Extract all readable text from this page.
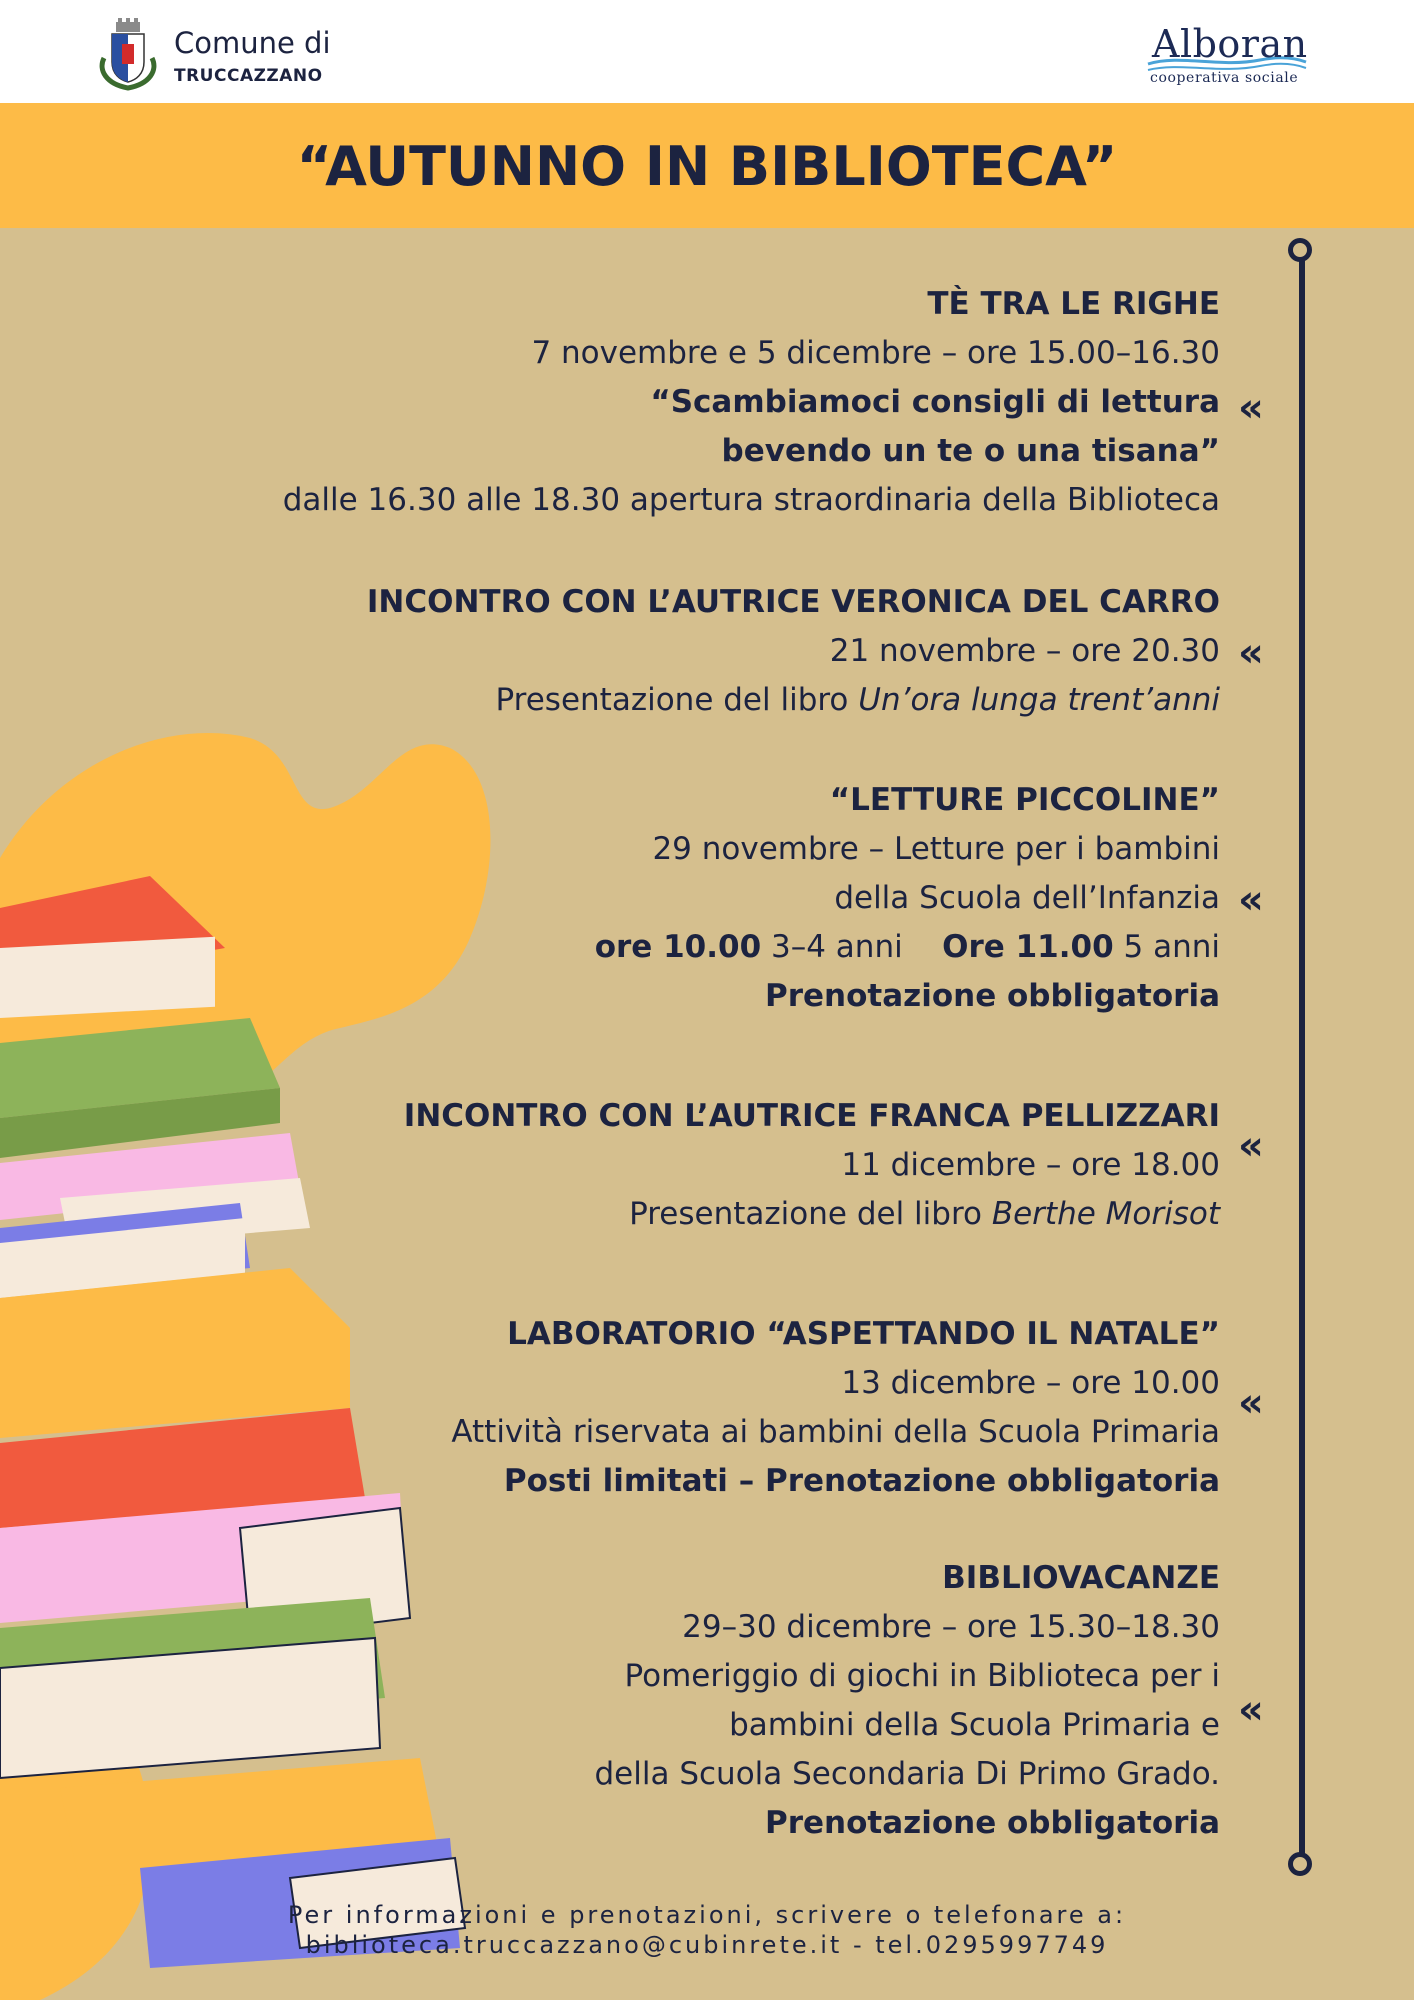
Comune di
TRUCCAZZANO
Alboran
cooperativa sociale
“AUTUNNO IN BIBLIOTECA”
TÈ TRA LE RIGHE
7 novembre e 5 dicembre – ore 15.00–16.30
“Scambiamoci consigli di lettura
bevendo un te o una tisana”
dalle 16.30 alle 18.30 apertura straordinaria della Biblioteca
«
INCONTRO CON L’AUTRICE VERONICA DEL CARRO
21 novembre – ore 20.30
Presentazione del libro Un’ora lunga trent’anni
«
“LETTURE PICCOLINE”
29 novembre – Letture per i bambini
della Scuola dell’Infanzia
ore 10.00 3–4 anni Ore 11.00 5 anni
Prenotazione obbligatoria
«
INCONTRO CON L’AUTRICE FRANCA PELLIZZARI
11 dicembre – ore 18.00
Presentazione del libro Berthe Morisot
«
LABORATORIO “ASPETTANDO IL NATALE”
13 dicembre – ore 10.00
Attività riservata ai bambini della Scuola Primaria
Posti limitati – Prenotazione obbligatoria
«
BIBLIOVACANZE
29–30 dicembre – ore 15.30–18.30
Pomeriggio di giochi in Biblioteca per i
bambini della Scuola Primaria e
della Scuola Secondaria Di Primo Grado.
Prenotazione obbligatoria
«
Per informazioni e prenotazioni, scrivere o telefonare a:
biblioteca.truccazzano@cubinrete.it - tel.0295997749
